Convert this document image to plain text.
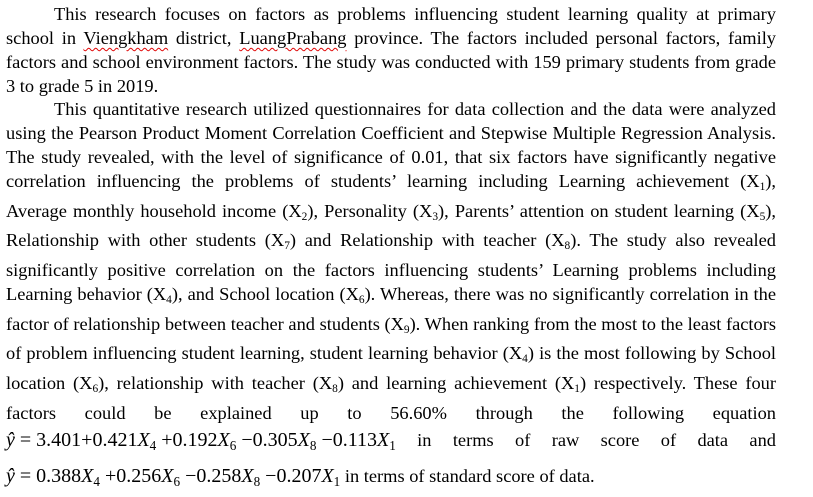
This research focuses on factors as problems influencing student learning quality at primary
school in Viengkham district, LuangPrabang province. The factors included personal factors, family
factors and school environment factors. The study was conducted with 159 primary students from grade
3 to grade 5 in 2019.
This quantitative research utilized questionnaires for data collection and the data were analyzed
using the Pearson Product Moment Correlation Coefficient and Stepwise Multiple Regression Analysis.
The study revealed, with the level of significance of 0.01, that six factors have significantly negative
correlation influencing the problems of students’ learning including Learning achievement (X1),
Average monthly household income (X2), Personality (X3), Parents’ attention on student learning (X5),
Relationship with other students (X7) and Relationship with teacher (X8). The study also revealed
significantly positive correlation on the factors influencing students’ Learning problems including
Learning behavior (X4), and School location (X6). Whereas, there was no significantly correlation in the
factor of relationship between teacher and students (X9). When ranking from the most to the least factors
of problem influencing student learning, student learning behavior (X4) is the most following by School
location (X6), relationship with teacher (X8) and learning achievement (X1) respectively. These four
factors could be explained up to 56.60% through the following equation
ŷ = 3.401+0.421X4 +0.192X6 −0.305X8 −0.113X1 in terms of raw score of data and
ŷ = 0.388X4 +0.256X6 −0.258X8 −0.207X1 in terms of standard score of data.
